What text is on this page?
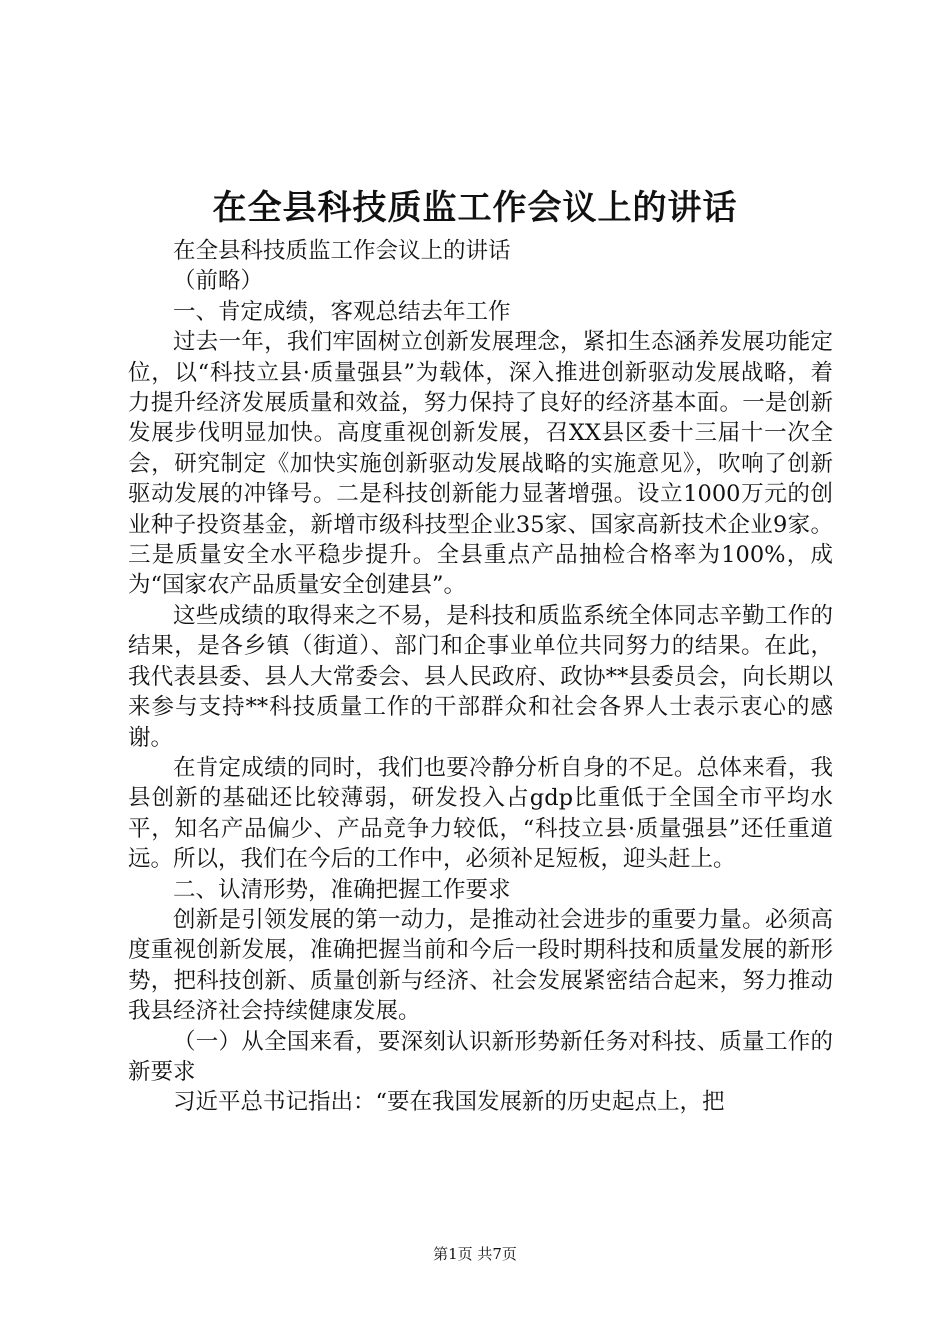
在全县科技质监工作会议上的讲话

在全县科技质监工作会议上的讲话

（前略）

一、肯定成绩，客观总结去年工作

过去一年，我们牢固树立创新发展理念，紧扣生态涵养发展功能定位，以“科技立县·质量强县”为载体，深入推进创新驱动发展战略，着力提升经济发展质量和效益，努力保持了良好的经济基本面。一是创新发展步伐明显加快。高度重视创新发展，召XX县区委十三届十一次全会，研究制定《加快实施创新驱动发展战略的实施意见》，吹响了创新驱动发展的冲锋号。二是科技创新能力显著增强。设立1000万元的创业种子投资基金，新增市级科技型企业35家、国家高新技术企业9家。三是质量安全水平稳步提升。全县重点产品抽检合格率为100%，成为“国家农产品质量安全创建县”。

这些成绩的取得来之不易，是科技和质监系统全体同志辛勤工作的结果，是各乡镇（街道）、部门和企事业单位共同努力的结果。在此，我代表县委、县人大常委会、县人民政府、政协**县委员会，向长期以来参与支持**科技质量工作的干部群众和社会各界人士表示衷心的感谢。

在肯定成绩的同时，我们也要冷静分析自身的不足。总体来看，我县创新的基础还比较薄弱，研发投入占gdp比重低于全国全市平均水平，知名产品偏少、产品竞争力较低，“科技立县·质量强县”还任重道远。所以，我们在今后的工作中，必须补足短板，迎头赶上。

二、认清形势，准确把握工作要求

创新是引领发展的第一动力，是推动社会进步的重要力量。必须高度重视创新发展，准确把握当前和今后一段时期科技和质量发展的新形势，把科技创新、质量创新与经济、社会发展紧密结合起来，努力推动我县经济社会持续健康发展。

（一）从全国来看，要深刻认识新形势新任务对科技、质量工作的新要求

习近平总书记指出：“要在我国发展新的历史起点上，把

第1页 共7页
